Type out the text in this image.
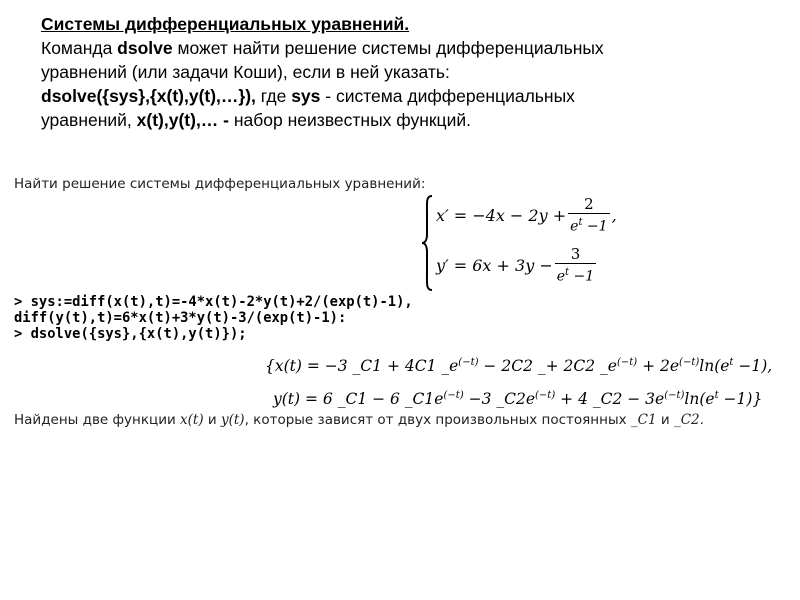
Системы дифференциальных уравнений.

Команда dsolve может найти решение системы дифференциальных

уравнений (или задачи Коши), если в ней указать:

dsolve({sys},{x(t),y(t),…}), где sys - система дифференциальных

уравнений, x(t),y(t),… - набор неизвестных функций.

Найти решение системы дифференциальных уравнений:
$x' = -4x - 2y + \frac{2}{e^t -1}$ ,
$y' = 6x + 3y - \frac{3}{e^t -1}$
> sys:=diff(x(t),t)=-4*x(t)-2*y(t)+2/(exp(t)-1),
diff(y(t),t)=6*x(t)+3*y(t)-3/(exp(t)-1):
> dsolve({sys},{x(t),y(t)});
{x(t) = −3 _C1 + 4C1 $\_e^{(-t)} - 2C2$ _+ 2C2 $\_e^{(-t)} + 2e^{(-t)}\ln(e^t -1)$,
y(t) = 6 _C1 − 6 $\_C1e^{(-t)} -3$ $\_C2e^{(-t)} + 4$ _C2 − $3e^{(-t)}\ln(e^t -1)$}
Найдены две функции x(t) и y(t), которые зависят от двух произвольных постоянных _C1 и _C2.
